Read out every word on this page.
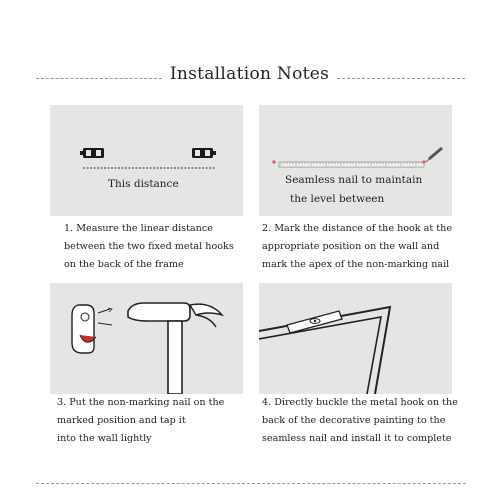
Installation Notes
This distance
1. Measure the linear distance
between the two fixed metal hooks
on the back of the frame
Seamless nail to maintain
the level between
2. Mark the distance of the hook at the
appropriate position on the wall and
mark the apex of the non-marking nail
3. Put the non-marking nail on the
marked position and tap it
into the wall lightly
4. Directly buckle the metal hook on the
back of the decorative painting to the
seamless nail and install it to complete
